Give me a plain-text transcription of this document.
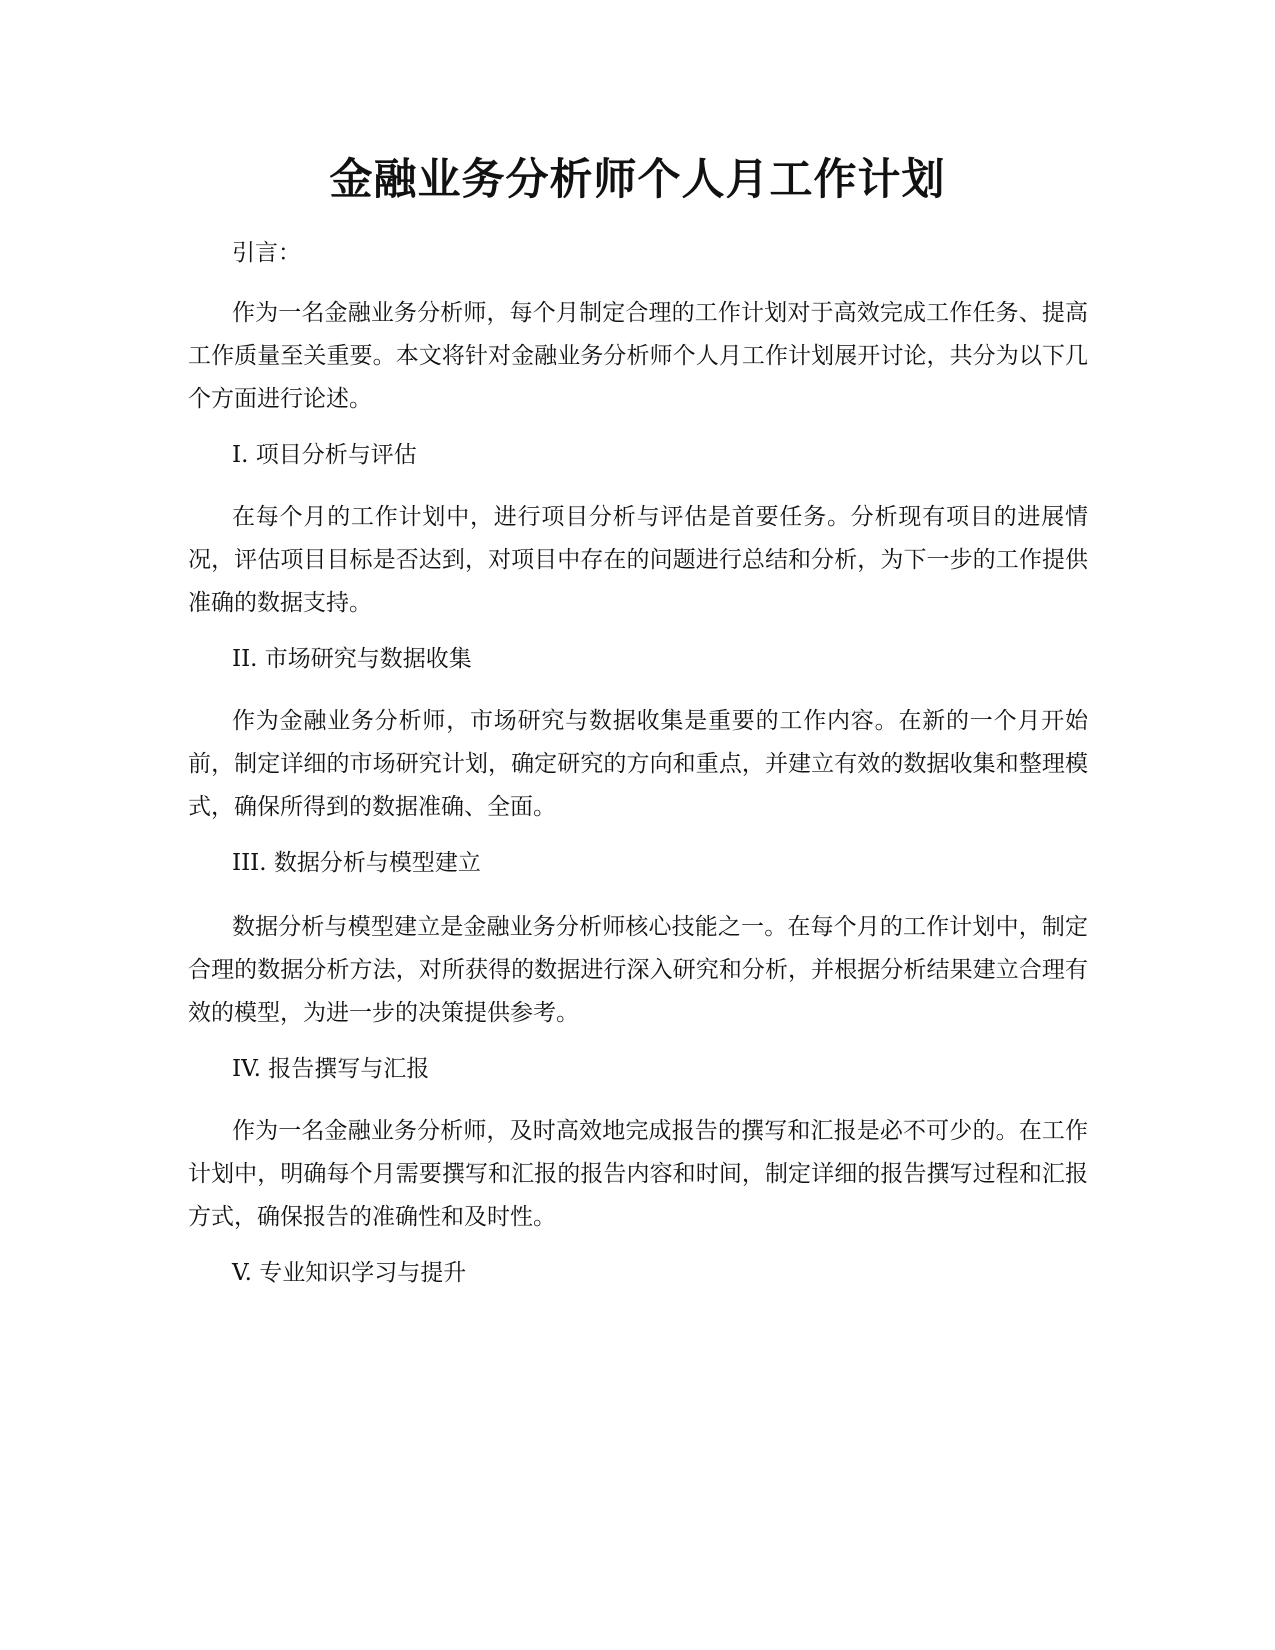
金融业务分析师个人月工作计划

引言：

作为一名金融业务分析师，每个月制定合理的工作计划对于高效完成工作任务、提高工作质量至关重要。本文将针对金融业务分析师个人月工作计划展开讨论，共分为以下几个方面进行论述。

I. 项目分析与评估

在每个月的工作计划中，进行项目分析与评估是首要任务。分析现有项目的进展情况，评估项目目标是否达到，对项目中存在的问题进行总结和分析，为下一步的工作提供准确的数据支持。

II. 市场研究与数据收集

作为金融业务分析师，市场研究与数据收集是重要的工作内容。在新的一个月开始前，制定详细的市场研究计划，确定研究的方向和重点，并建立有效的数据收集和整理模式，确保所得到的数据准确、全面。

III. 数据分析与模型建立

数据分析与模型建立是金融业务分析师核心技能之一。在每个月的工作计划中，制定合理的数据分析方法，对所获得的数据进行深入研究和分析，并根据分析结果建立合理有效的模型，为进一步的决策提供参考。

IV. 报告撰写与汇报

作为一名金融业务分析师，及时高效地完成报告的撰写和汇报是必不可少的。在工作计划中，明确每个月需要撰写和汇报的报告内容和时间，制定详细的报告撰写过程和汇报方式，确保报告的准确性和及时性。

V. 专业知识学习与提升
